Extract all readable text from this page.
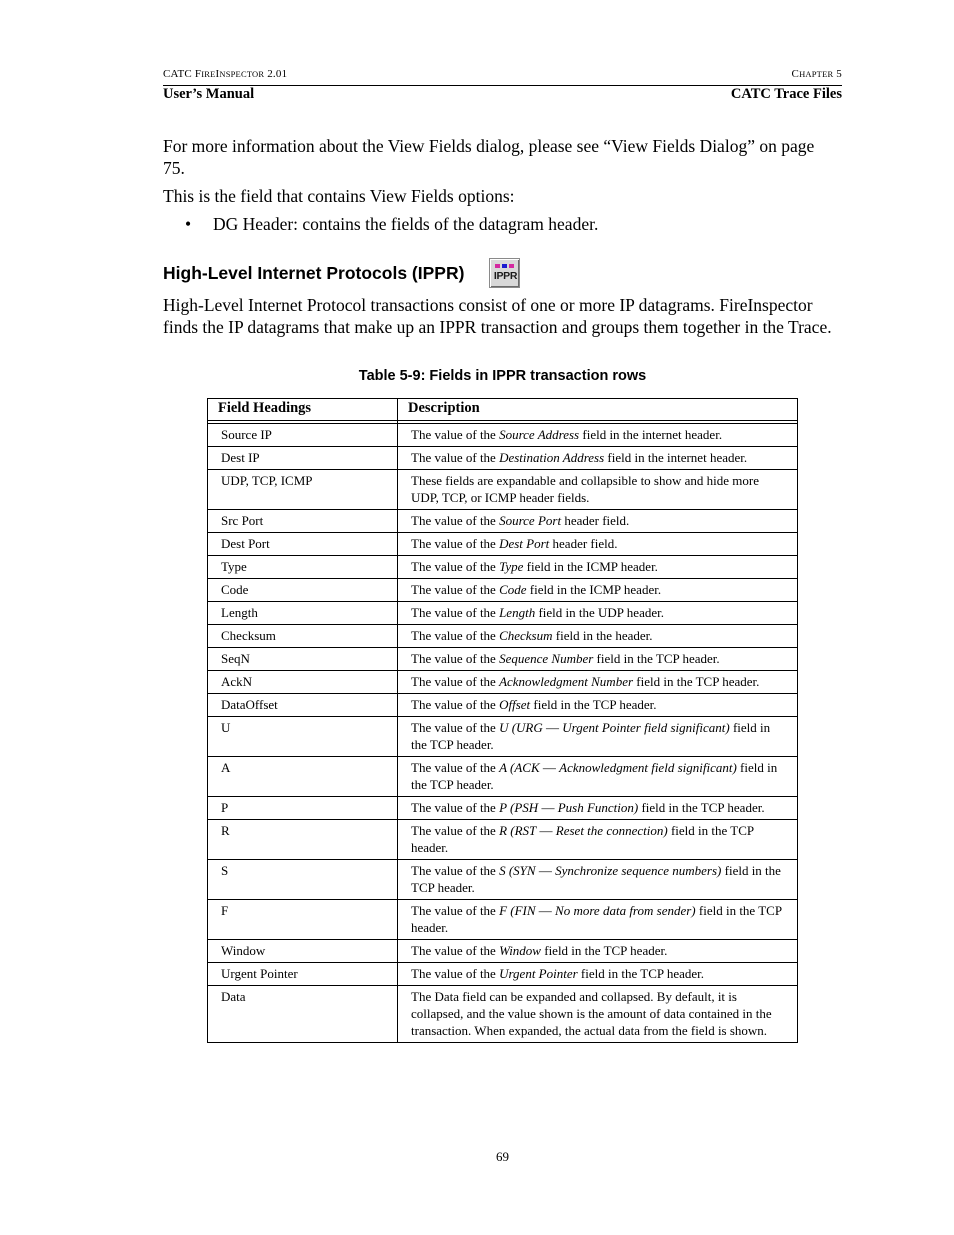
CATC FIREINSPECTOR 2.01	CHAPTER 5
User’s Manual	CATC Trace Files
For more information about the View Fields dialog, please see “View Fields Dialog” on page 75.
This is the field that contains View Fields options:
•	DG Header: contains the fields of the datagram header.
High-Level Internet Protocols (IPPR)	IPPR
High-Level Internet Protocol transactions consist of one or more IP datagrams. FireInspector finds the IP datagrams that make up an IPPR transaction and groups them together in the Trace.
Table 5-9: Fields in IPPR transaction rows
Field Headings	Description

Source IP	The value of the Source Address field in the internet header.
Dest IP	The value of the Destination Address field in the internet header.
UDP, TCP, ICMP	These fields are expandable and collapsible to show and hide more UDP, TCP, or ICMP header fields.
Src Port	The value of the Source Port header field.
Dest Port	The value of the Dest Port header field.
Type	The value of the Type field in the ICMP header.
Code	The value of the Code field in the ICMP header.
Length	The value of the Length field in the UDP header.
Checksum	The value of the Checksum field in the header.
SeqN	The value of the Sequence Number field in the TCP header.
AckN	The value of the Acknowledgment Number field in the TCP header.
DataOffset	The value of the Offset field in the TCP header.
U	The value of the U (URG — Urgent Pointer field significant) field in the TCP header.
A	The value of the A (ACK — Acknowledgment field significant) field in the TCP header.
P	The value of the P (PSH — Push Function) field in the TCP header.
R	The value of the R (RST — Reset the connection) field in the TCP header.
S	The value of the S (SYN — Synchronize sequence numbers) field in the TCP header.
F	The value of the F (FIN — No more data from sender) field in the TCP header.
Window	The value of the Window field in the TCP header.
Urgent Pointer	The value of the Urgent Pointer field in the TCP header.
Data	The Data field can be expanded and collapsed. By default, it is collapsed, and the value shown is the amount of data contained in the transaction. When expanded, the actual data from the field is shown.
69
